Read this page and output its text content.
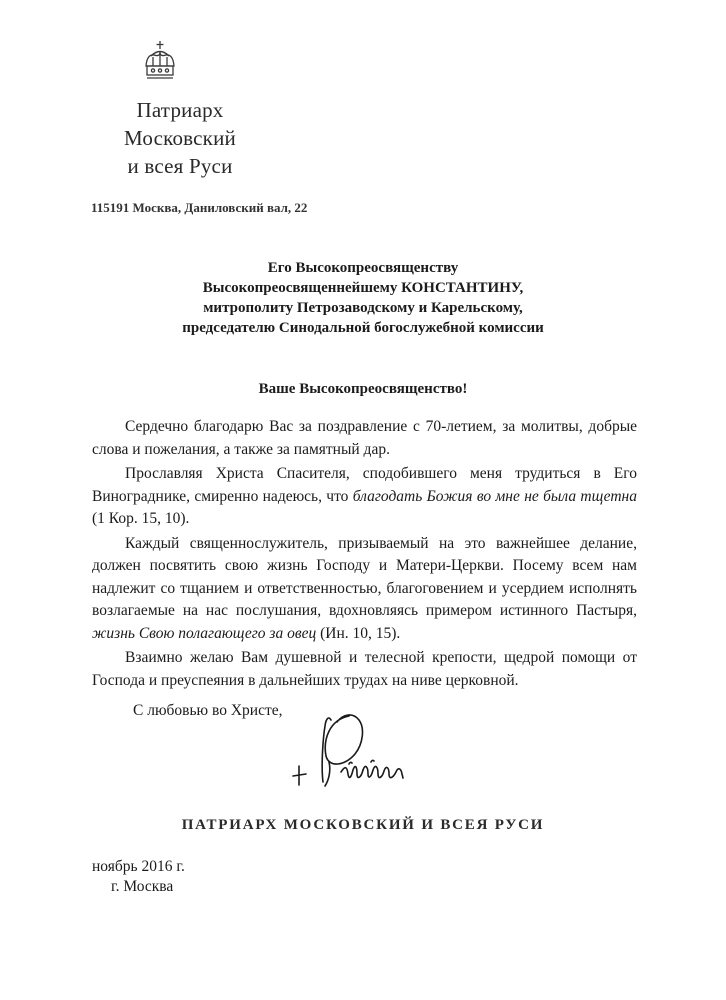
Патриарх
Московский
и всея Руси
115191 Москва, Даниловский вал, 22
Его Высокопреосвященству
Высокопреосвященнейшему КОНСТАНТИНУ,
митрополиту Петрозаводскому и Карельскому,
председателю Синодальной богослужебной комиссии
Ваше Высокопреосвященство!

Сердечно благодарю Вас за поздравление с 70-летием, за молитвы, добрые слова и пожелания, а также за памятный дар.

Прославляя Христа Спасителя, сподобившего меня трудиться в Его Винограднике, смиренно надеюсь, что благодать Божия во мне не была тщетна (1 Кор. 15, 10).

Каждый священнослужитель, призываемый на это важнейшее делание, должен посвятить свою жизнь Господу и Матери-Церкви. Посему всем нам надлежит со тщанием и ответственностью, благоговением и усердием исполнять возлагаемые на нас послушания, вдохновляясь примером истинного Пастыря, жизнь Свою полагающего за овец (Ин. 10, 15).

Взаимно желаю Вам душевной и телесной крепости, щедрой помощи от Господа и преуспеяния в дальнейших трудах на ниве церковной.

С любовью во Христе,
ПАТРИАРХ МОСКОВСКИЙ И ВСЕЯ РУСИ
ноябрь 2016 г.
г. Москва
